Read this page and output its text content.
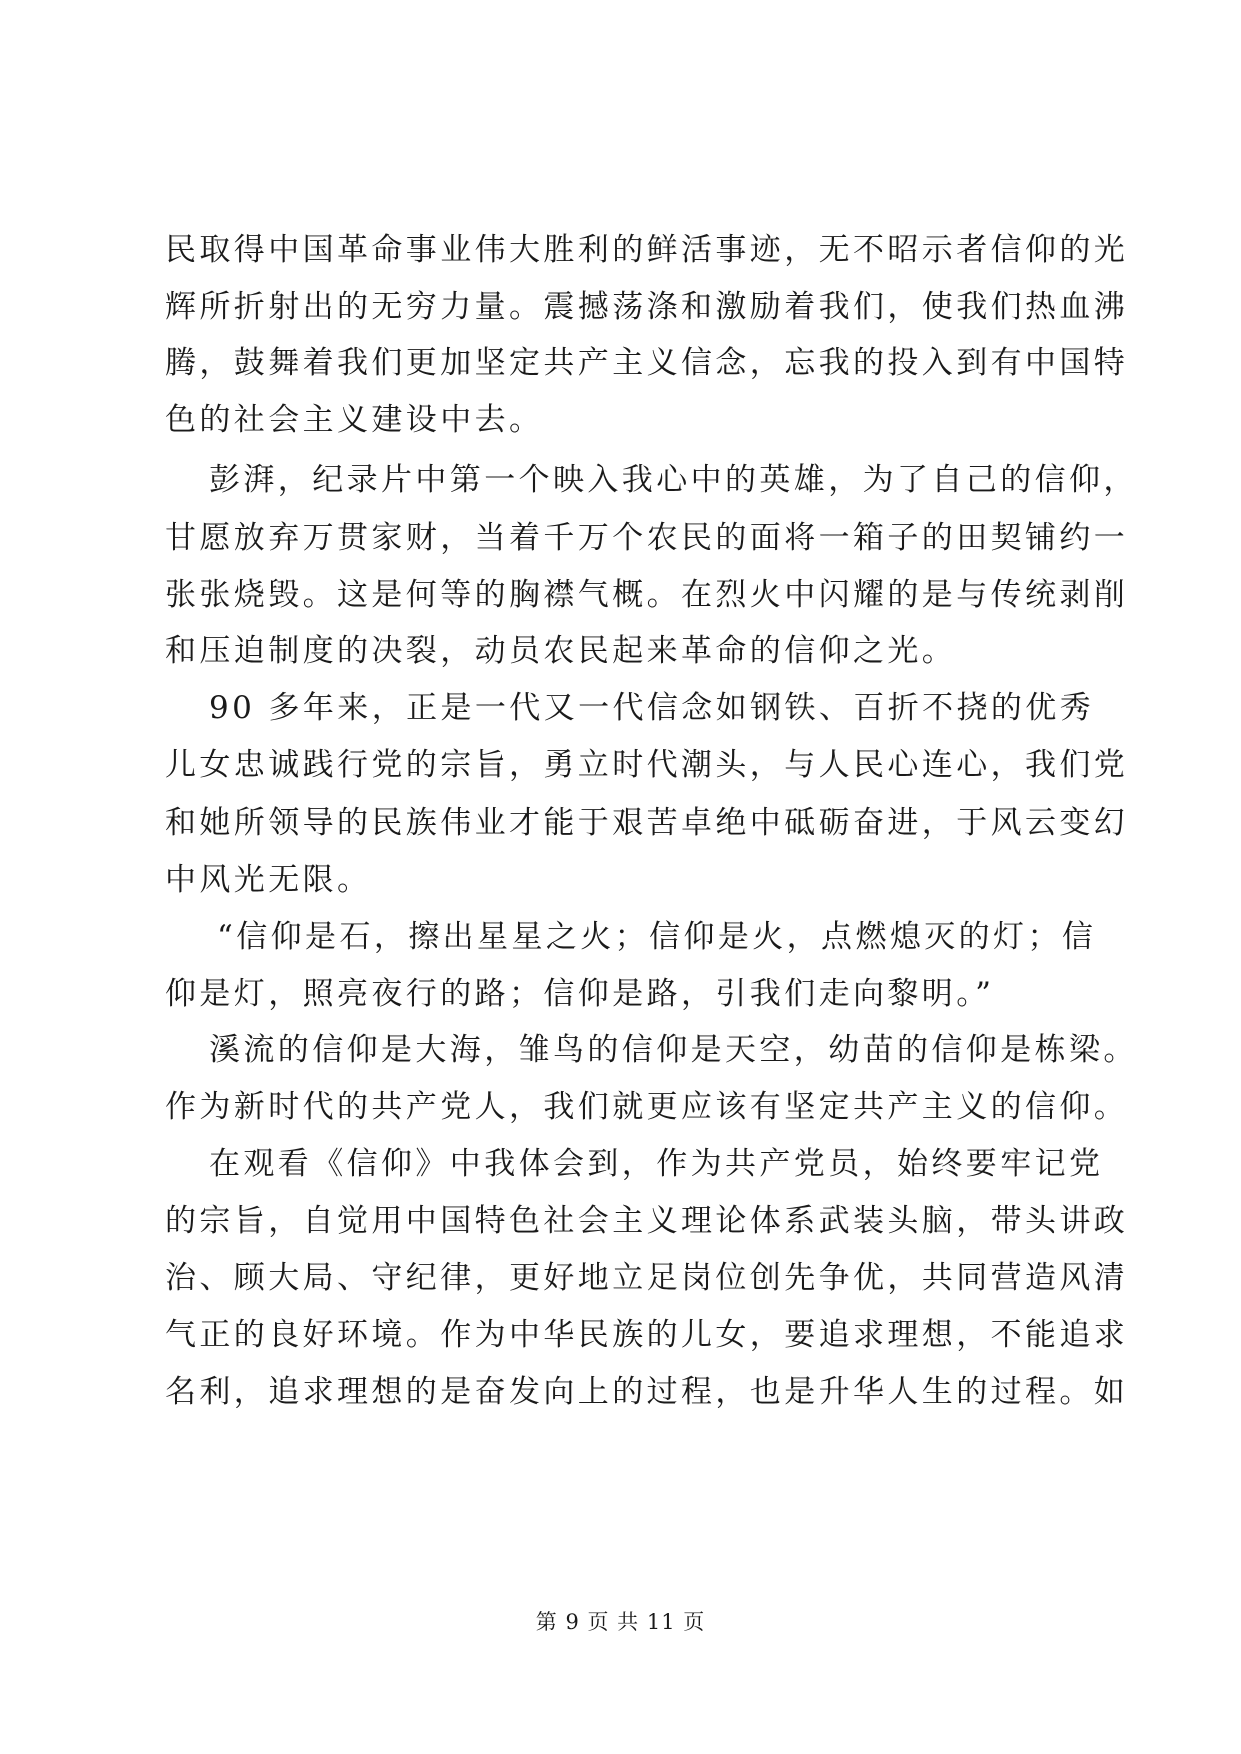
民取得中国革命事业伟大胜利的鲜活事迹，无不昭示者信仰的光
辉所折射出的无穷力量。震撼荡涤和激励着我们，使我们热血沸
腾，鼓舞着我们更加坚定共产主义信念，忘我的投入到有中国特
色的社会主义建设中去。
彭湃，纪录片中第一个映入我心中的英雄，为了自己的信仰，
甘愿放弃万贯家财，当着千万个农民的面将一箱子的田契铺约一
张张烧毁。这是何等的胸襟气概。在烈火中闪耀的是与传统剥削
和压迫制度的决裂，动员农民起来革命的信仰之光。
90 多年来，正是一代又一代信念如钢铁、百折不挠的优秀
儿女忠诚践行党的宗旨，勇立时代潮头，与人民心连心，我们党
和她所领导的民族伟业才能于艰苦卓绝中砥砺奋进，于风云变幻
中风光无限。
“信仰是石，擦出星星之火；信仰是火，点燃熄灭的灯；信
仰是灯，照亮夜行的路；信仰是路，引我们走向黎明。”
溪流的信仰是大海，雏鸟的信仰是天空，幼苗的信仰是栋梁。
作为新时代的共产党人，我们就更应该有坚定共产主义的信仰。
在观看《信仰》中我体会到，作为共产党员，始终要牢记党
的宗旨，自觉用中国特色社会主义理论体系武装头脑，带头讲政
治、顾大局、守纪律，更好地立足岗位创先争优，共同营造风清
气正的良好环境。作为中华民族的儿女，要追求理想，不能追求
名利，追求理想的是奋发向上的过程，也是升华人生的过程。如
第 9 页 共 11 页
